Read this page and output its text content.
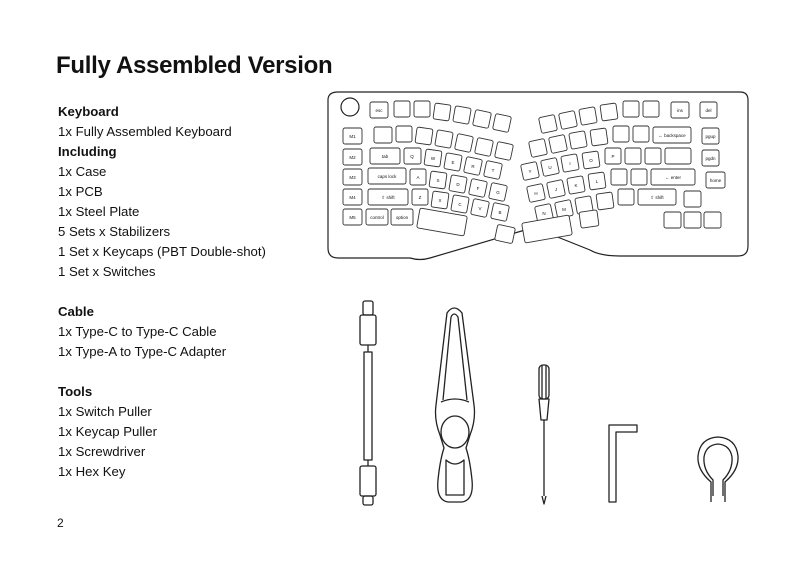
Fully Assembled Version
Keyboard
1x Fully Assembled Keyboard
Including
1x Case
1x PCB
1x Steel Plate
5 Sets x Stabilizers
1 Set x Keycaps (PBT Double-shot)
1 Set x Switches
Cable
1x Type-C to Type-C Cable
1x Type-A to Type-C Adapter
Tools
1x Switch Puller
1x Keycap Puller
1x Screwdriver
1x Hex Key
2
M1
M2
M3
M4
M5
esc
tab
caps lock
⇧ shift
control	option
Q
A
Z
W
S
X
E
D
C
R
F
V
T
G
B
Y
H
N
U
J
M
I
K
O
L
P
← backspace
← enter
⇧ shift
ins	del
pgup
pgdn
home
